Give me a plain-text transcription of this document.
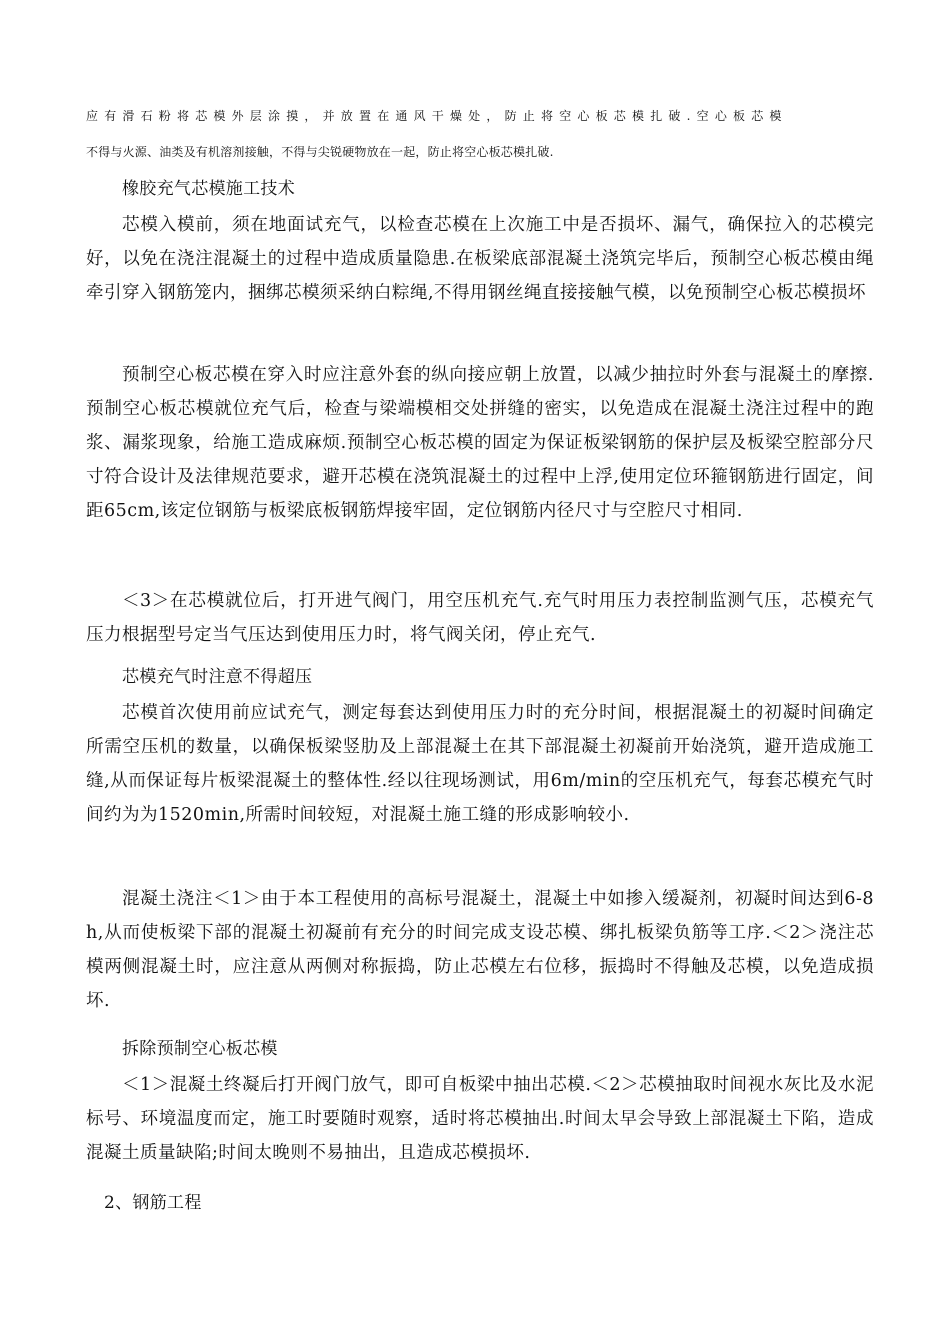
应有滑石粉将芯模外层涂摸，并放置在通风干燥处，防止将空心板芯模扎破.空心板芯模

不得与火源、油类及有机溶剂接触，不得与尖锐硬物放在一起，防止将空心板芯模扎破.

橡胶充气芯模施工技术

芯模入模前，须在地面试充气，以检查芯模在上次施工中是否损坏、漏气，确保拉入的芯模完好，以免在浇注混凝土的过程中造成质量隐患.在板梁底部混凝土浇筑完毕后，预制空心板芯模由绳牵引穿入钢筋笼内，捆绑芯模须采纳白粽绳,不得用钢丝绳直接接触气模，以免预制空心板芯模损坏

预制空心板芯模在穿入时应注意外套的纵向接应朝上放置，以减少抽拉时外套与混凝土的摩擦.预制空心板芯模就位充气后，检查与梁端模相交处拼缝的密实，以免造成在混凝土浇注过程中的跑浆、漏浆现象，给施工造成麻烦.预制空心板芯模的固定为保证板梁钢筋的保护层及板梁空腔部分尺寸符合设计及法律规范要求，避开芯模在浇筑混凝土的过程中上浮,使用定位环箍钢筋进行固定，间距65cm,该定位钢筋与板梁底板钢筋焊接牢固，定位钢筋内径尺寸与空腔尺寸相同.

＜3＞在芯模就位后，打开进气阀门，用空压机充气.充气时用压力表控制监测气压，芯模充气压力根据型号定当气压达到使用压力时，将气阀关闭，停止充气.

芯模充气时注意不得超压

芯模首次使用前应试充气，测定每套达到使用压力时的充分时间，根据混凝土的初凝时间确定所需空压机的数量，以确保板梁竖肋及上部混凝土在其下部混凝土初凝前开始浇筑，避开造成施工缝,从而保证每片板梁混凝土的整体性.经以往现场测试，用6m/min的空压机充气，每套芯模充气时间约为为1520min,所需时间较短，对混凝土施工缝的形成影响较小.

混凝土浇注＜1＞由于本工程使用的高标号混凝土，混凝土中如掺入缓凝剂，初凝时间达到6-8h,从而使板梁下部的混凝土初凝前有充分的时间完成支设芯模、绑扎板梁负筋等工序.＜2＞浇注芯模两侧混凝土时，应注意从两侧对称振捣，防止芯模左右位移，振捣时不得触及芯模，以免造成损坏.

拆除预制空心板芯模

＜1＞混凝土终凝后打开阀门放气，即可自板梁中抽出芯模.＜2＞芯模抽取时间视水灰比及水泥标号、环境温度而定，施工时要随时观察，适时将芯模抽出.时间太早会导致上部混凝土下陷，造成混凝土质量缺陷;时间太晚则不易抽出，且造成芯模损坏.

2、钢筋工程
